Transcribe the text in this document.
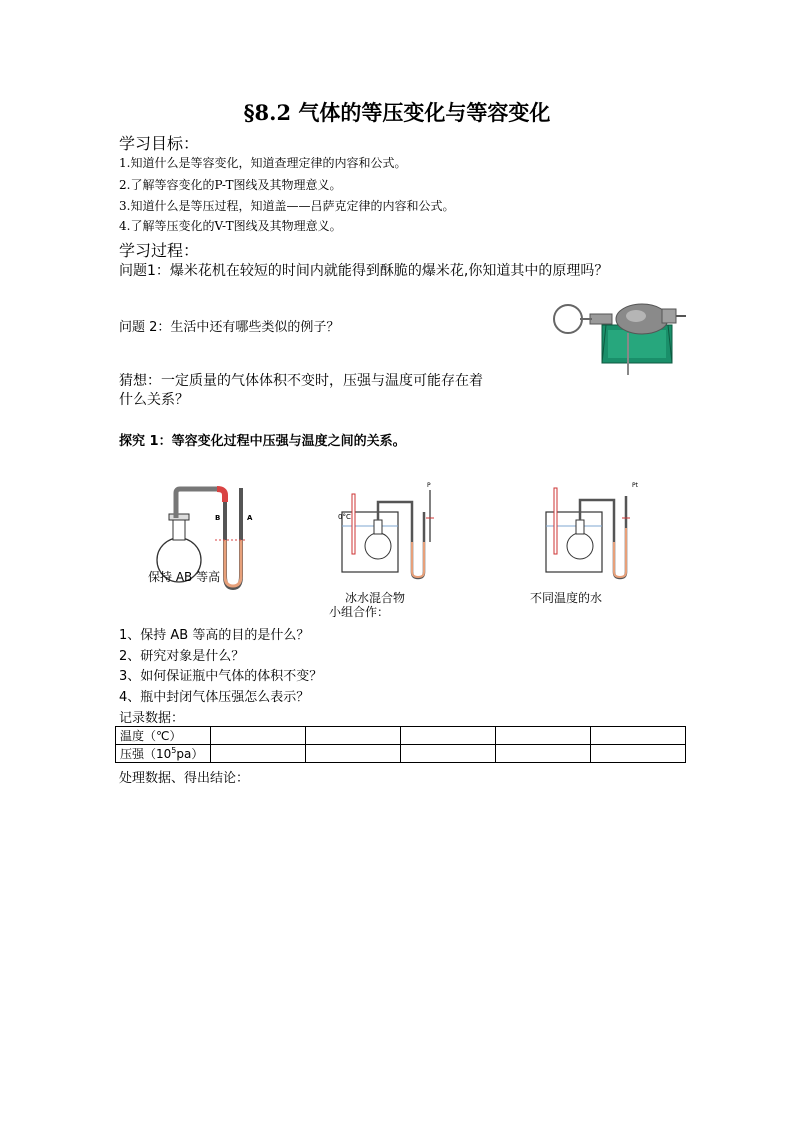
§8.2 气体的等压变化与等容变化
学习目标：
1.知道什么是等容变化，知道查理定律的内容和公式。
2.了解等容变化的P-T图线及其物理意义。
3.知道什么是等压过程，知道盖——吕萨克定律的内容和公式。
4.了解等压变化的V-T图线及其物理意义。
学习过程：
问题1：爆米花机在较短的时间内就能得到酥脆的爆米花,你知道其中的原理吗？
问题 2：生活中还有哪些类似的例子？
猜想：一定质量的气体体积不变时，压强与温度可能存在着
什么关系？
探究 1：等容变化过程中压强与温度之间的关系。
B	A
保持 AB 等高
0°C
P
冰水混合物
小组合作：
Pt
不同温度的水
1、保持 AB 等高的目的是什么？
2、研究对象是什么？
3、如何保证瓶中气体的体积不变？
4、瓶中封闭气体压强怎么表示？
记录数据：
温度（℃）					
压强$(10^5pa)$					
处理数据、得出结论：
